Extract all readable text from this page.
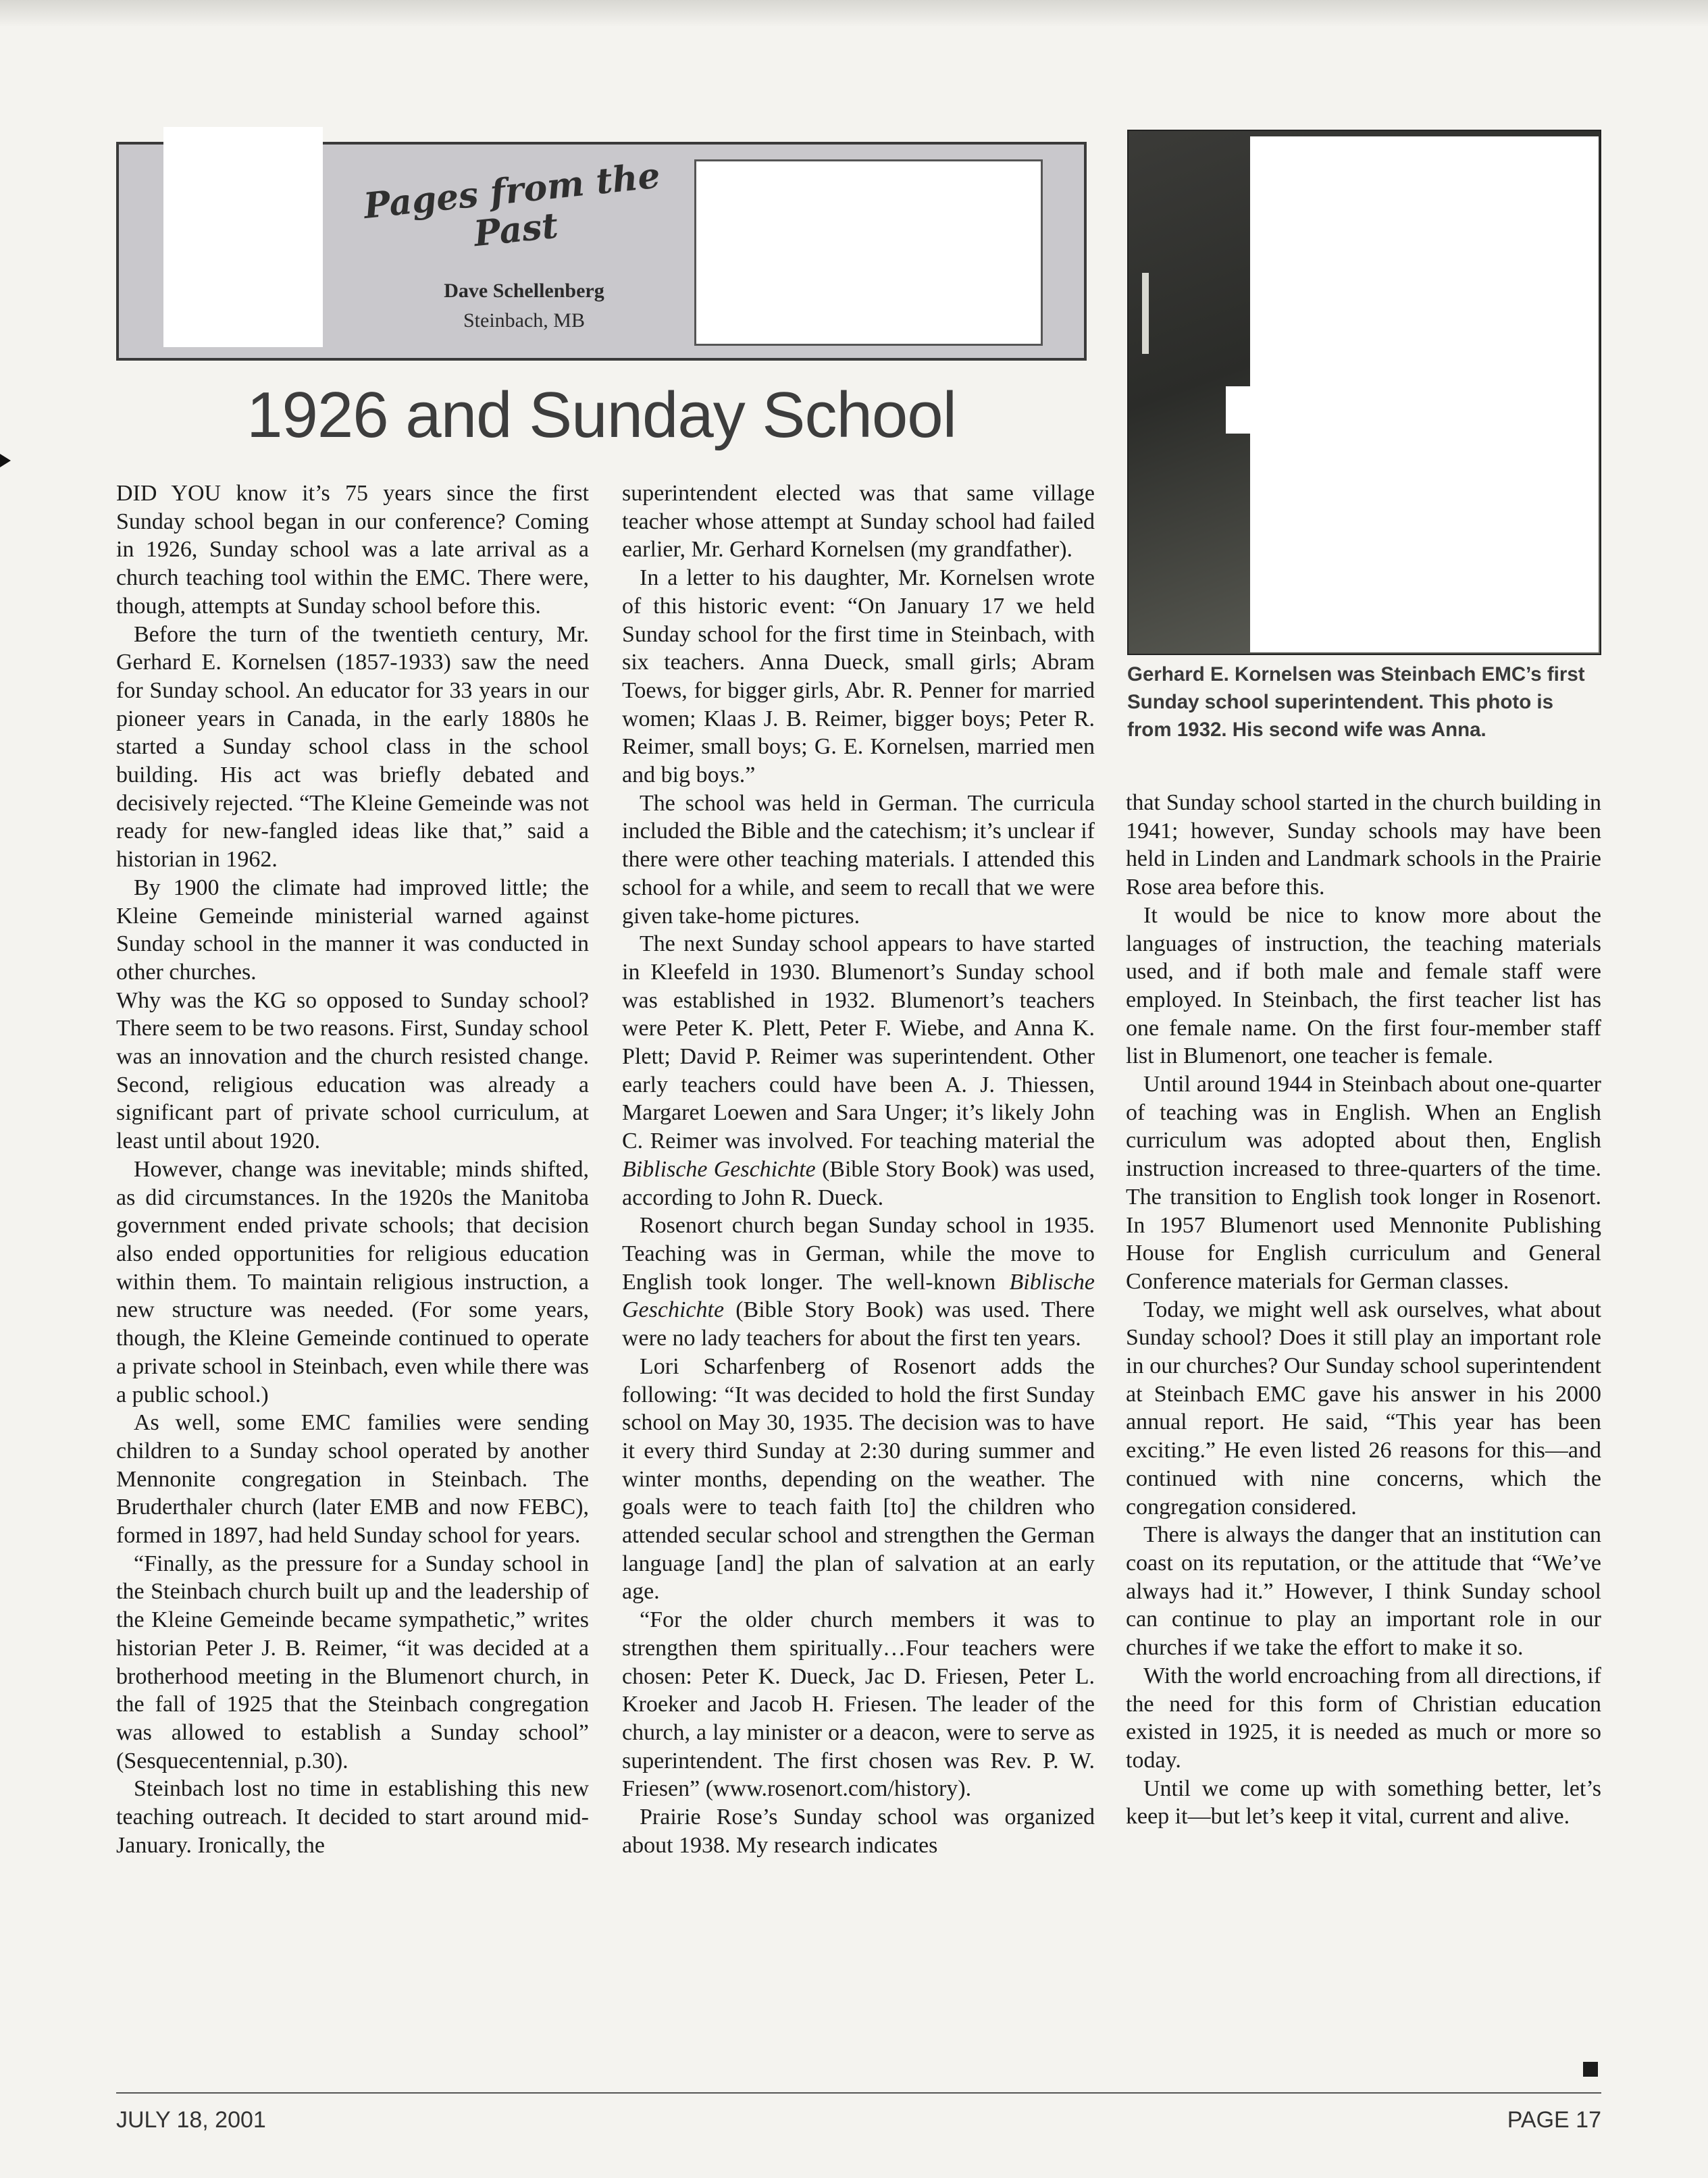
Pages from the Past
Dave Schellenberg
Steinbach, MB
1926 and Sunday School
Gerhard E. Kornelsen was Steinbach EMC’s first Sunday school superintendent. This photo is from 1932. His second wife was Anna.

DID YOU know it’s 75 years since the first Sunday school began in our conference? Coming in 1926, Sunday school was a late arrival as a church teaching tool within the EMC. There were, though, attempts at Sunday school before this.

Before the turn of the twentieth century, Mr. Gerhard E. Kornelsen (1857-1933) saw the need for Sunday school. An educator for 33 years in our pioneer years in Canada, in the early 1880s he started a Sunday school class in the school building. His act was briefly debated and decisively rejected. “The Kleine Gemeinde was not ready for new-fangled ideas like that,” said a historian in 1962.

By 1900 the climate had improved little; the Kleine Gemeinde ministerial warned against Sunday school in the manner it was conducted in other churches.

Why was the KG so opposed to Sunday school? There seem to be two reasons. First, Sunday school was an innovation and the church resisted change. Second, religious education was already a significant part of private school curriculum, at least until about 1920.

However, change was inevitable; minds shifted, as did circumstances. In the 1920s the Manitoba government ended private schools; that decision also ended opportunities for religious education within them. To maintain religious instruction, a new structure was needed. (For some years, though, the Kleine Gemeinde continued to operate a private school in Steinbach, even while there was a public school.)

As well, some EMC families were sending children to a Sunday school operated by another Mennonite congregation in Steinbach. The Bruderthaler church (later EMB and now FEBC), formed in 1897, had held Sunday school for years.

“Finally, as the pressure for a Sunday school in the Steinbach church built up and the leadership of the Kleine Gemeinde became sympathetic,” writes historian Peter J. B. Reimer, “it was decided at a brotherhood meeting in the Blumenort church, in the fall of 1925 that the Steinbach congregation was allowed to establish a Sunday school” (Sesquecentennial, p.30).

Steinbach lost no time in establishing this new teaching outreach. It decided to start around mid-January. Ironically, the

superintendent elected was that same village teacher whose attempt at Sunday school had failed earlier, Mr. Gerhard Kornelsen (my grandfather).

In a letter to his daughter, Mr. Kornelsen wrote of this historic event: “On January 17 we held Sunday school for the first time in Steinbach, with six teachers. Anna Dueck, small girls; Abram Toews, for bigger girls, Abr. R. Penner for married women; Klaas J. B. Reimer, bigger boys; Peter R. Reimer, small boys; G. E. Kornelsen, married men and big boys.”

The school was held in German. The curricula included the Bible and the catechism; it’s unclear if there were other teaching materials. I attended this school for a while, and seem to recall that we were given take-home pictures.

The next Sunday school appears to have started in Kleefeld in 1930. Blumenort’s Sunday school was established in 1932. Blumenort’s teachers were Peter K. Plett, Peter F. Wiebe, and Anna K. Plett; David P. Reimer was superintendent. Other early teachers could have been A. J. Thiessen, Margaret Loewen and Sara Unger; it’s likely John C. Reimer was involved. For teaching material the Biblische Geschichte (Bible Story Book) was used, according to John R. Dueck.

Rosenort church began Sunday school in 1935. Teaching was in German, while the move to English took longer. The well-known Biblische Geschichte (Bible Story Book) was used. There were no lady teachers for about the first ten years.

Lori Scharfenberg of Rosenort adds the following: “It was decided to hold the first Sunday school on May 30, 1935. The decision was to have it every third Sunday at 2:30 during summer and winter months, depending on the weather. The goals were to teach faith [to] the children who attended secular school and strengthen the German language [and] the plan of salvation at an early age.

“For the older church members it was to strengthen them spiritually…Four teachers were chosen: Peter K. Dueck, Jac D. Friesen, Peter L. Kroeker and Jacob H. Friesen. The leader of the church, a lay minister or a deacon, were to serve as superintendent. The first chosen was Rev. P. W. Friesen” (www.rosenort.com/history).

Prairie Rose’s Sunday school was organized about 1938. My research indicates

that Sunday school started in the church building in 1941; however, Sunday schools may have been held in Linden and Landmark schools in the Prairie Rose area before this.

It would be nice to know more about the languages of instruction, the teaching materials used, and if both male and female staff were employed. In Steinbach, the first teacher list has one female name. On the first four-member staff list in Blumenort, one teacher is female.

Until around 1944 in Steinbach about one-quarter of teaching was in English. When an English curriculum was adopted about then, English instruction increased to three-quarters of the time. The transition to English took longer in Rosenort. In 1957 Blumenort used Mennonite Publishing House for English curriculum and General Conference materials for German classes.

Today, we might well ask ourselves, what about Sunday school? Does it still play an important role in our churches? Our Sunday school superintendent at Steinbach EMC gave his answer in his 2000 annual report. He said, “This year has been exciting.” He even listed 26 reasons for this—and continued with nine concerns, which the congregation considered.

There is always the danger that an institution can coast on its reputation, or the attitude that “We’ve always had it.” However, I think Sunday school can continue to play an important role in our churches if we take the effort to make it so.

With the world encroaching from all directions, if the need for this form of Christian education existed in 1925, it is needed as much or more so today.

Until we come up with something better, let’s keep it—but let’s keep it vital, current and alive.

JULY 18, 2001	PAGE 17
